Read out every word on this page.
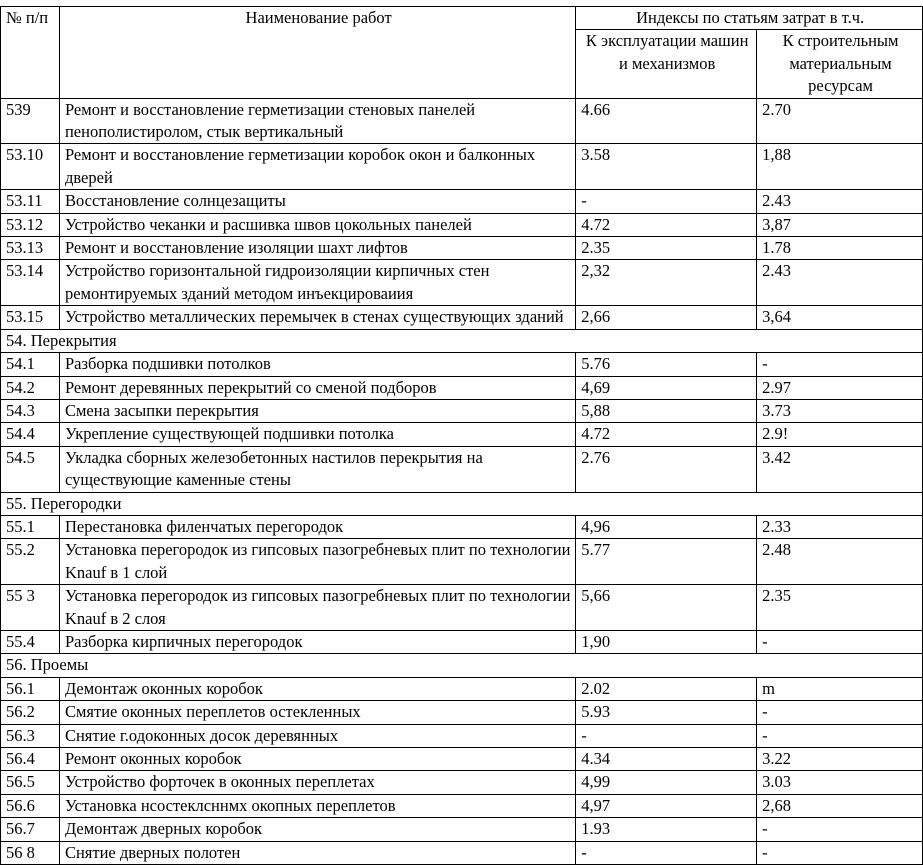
№ п/п	Наименование работ	Индексы по статьям затрат в т.ч.	
		К эксплуатации машин и механизмов	К строительным материальным ресурсам
539	Ремонт и восстановление герметизации стеновых панелей пенополистиролом, стык вертикальный	4.66	2.70
53.10	Ремонт и восстановление герметизации коробок окон и балконных дверей	3.58	1,88
53.11	Восстановление солнцезащиты	-	2.43
53.12	Устройство чеканки и расшивка швов цокольных панелей	4.72	3,87
53.13	Ремонт и восстановление изоляции шахт лифтов	2.35	1.78
53.14	Устройство горизонтальной гидроизоляции кирпичных стен ремонтируемых зданий методом инъекцироваиия	2,32	2.43
53.15	Устройство металлических перемычек в стенах существующих зданий	2,66	3,64
54. Перекрытия			
54.1	Разборка подшивки потолков	5.76	-
54.2	Ремонт деревянных перекрытий со сменой подборов	4,69	2.97
54.3	Смена засыпки перекрытия	5,88	3.73
54.4	Укрепление существующей подшивки потолка	4.72	2.9!
54.5	Укладка сборных железобетонных настилов перекрытия на существующие каменные стены	2.76	3.42
55. Перегородки			
55.1	Перестановка филенчатых перегородок	4,96	2.33
55.2	Установка перегородок из гипсовых пазогребневых плит по технологии Knauf в 1 слой	5.77	2.48
55 3	Установка перегородок из гипсовых пазогребневых плит по технологии Knauf в 2 слоя	5,66	2.35
55.4	Разборка кирпичных перегородок	1,90	-
56. Проемы			
56.1	Демонтаж оконных коробок	2.02	m
56.2	Смятие оконных переплетов остекленных	5.93	-
56.3	Снятие г.одоконных досок деревянных	-	-
56.4	Ремонт оконных коробок	4.34	3.22
56.5	Устройство форточек в оконных переплетах	4,99	3.03
56.6	Установка нсостеклсннмх окопных переплетов	4,97	2,68
56.7	Демонтаж дверных коробок	1.93	-
56 8	Снятие дверных полотен	-	-
